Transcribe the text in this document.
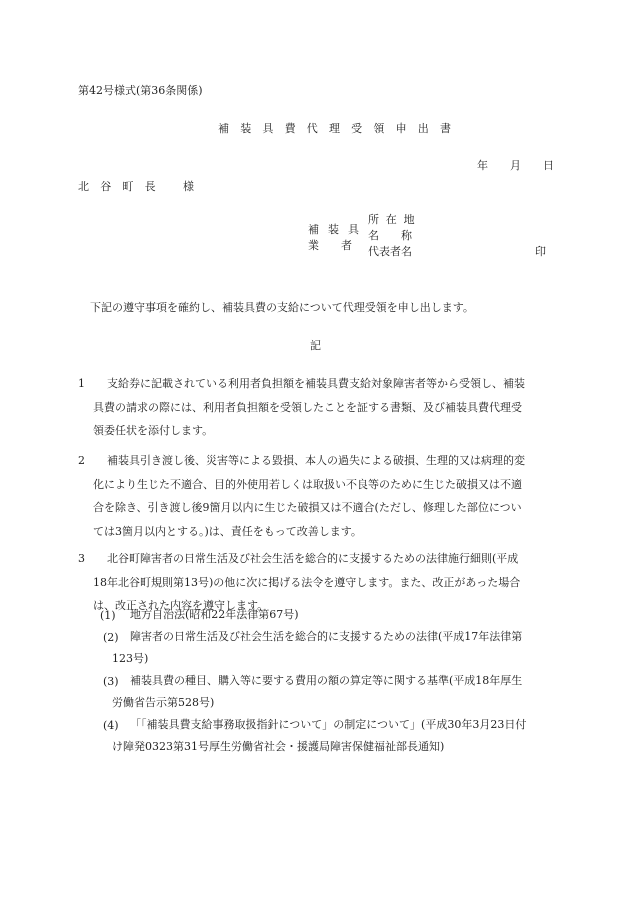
第42号様式(第36条関係)
補 装 具 費 代 理 受 領 申 出 書
年 月 日
北 谷 町 長 様
補 装 具
業　　者
所 在 地
名　　称
代表者名	印
下記の遵守事項を確約し、補装具費の支給について代理受領を申し出します。
記
1	支給券に記載されている利用者負担額を補装具費支給対象障害者等から受領し、補装
具費の請求の際には、利用者負担額を受領したことを証する書類、及び補装具費代理受
領委任状を添付します。
2	補装具引き渡し後、災害等による毀損、本人の過失による破損、生理的又は病理的変
化により生じた不適合、目的外使用若しくは取扱い不良等のために生じた破損又は不適
合を除き、引き渡し後9箇月以内に生じた破損又は不適合(ただし、修理した部位につい
ては3箇月以内とする。)は、責任をもって改善します。
3	北谷町障害者の日常生活及び社会生活を総合的に支援するための法律施行細則(平成
18年北谷町規則第13号)の他に次に掲げる法令を遵守します。また、改正があった場合
は、改正された内容を遵守します。
(1) 地方自治法(昭和22年法律第67号)
(2)	障害者の日常生活及び社会生活を総合的に支援するための法律(平成17年法律第
123号)
(3)	補装具費の種目、購入等に要する費用の額の算定等に関する基準(平成18年厚生
労働省告示第528号)
(4)	「「補装具費支給事務取扱指針について」の制定について」(平成30年3月23日付
け障発0323第31号厚生労働省社会・援護局障害保健福祉部長通知)
